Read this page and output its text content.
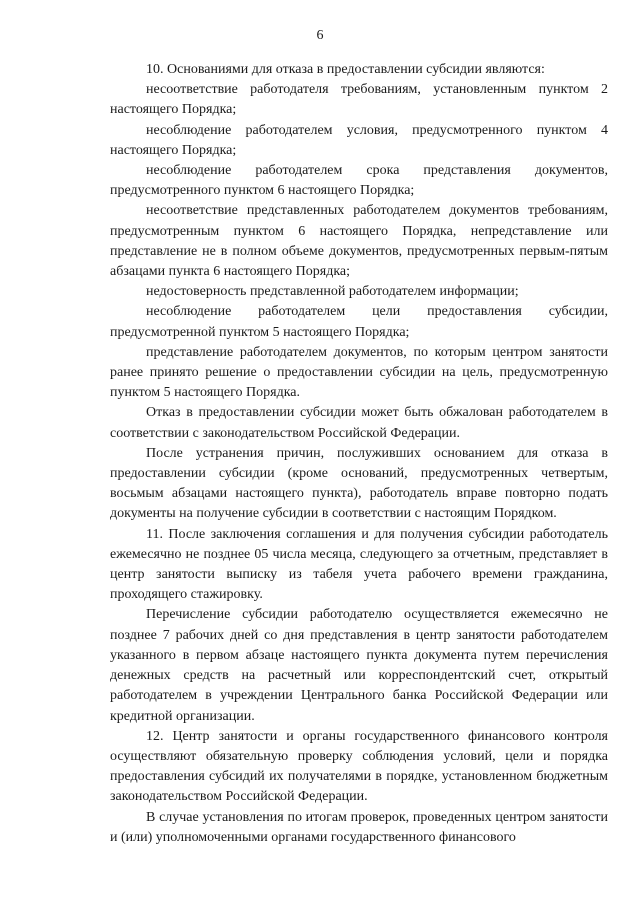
6

10. Основаниями для отказа в предоставлении субсидии являются:

несоответствие работодателя требованиям, установленным пунктом 2 настоящего Порядка;

несоблюдение работодателем условия, предусмотренного пунктом 4 настоящего Порядка;

несоблюдение работодателем срока представления документов, предусмотренного пунктом 6 настоящего Порядка;

несоответствие представленных работодателем документов требованиям, предусмотренным пунктом 6 настоящего Порядка, непредставление или представление не в полном объеме документов, предусмотренных первым-пятым абзацами пункта 6 настоящего Порядка;

недостоверность представленной работодателем информации;

несоблюдение работодателем цели предоставления субсидии, предусмотренной пунктом 5 настоящего Порядка;

представление работодателем документов, по которым центром занятости ранее принято решение о предоставлении субсидии на цель, предусмотренную пунктом 5 настоящего Порядка.

Отказ в предоставлении субсидии может быть обжалован работодателем в соответствии с законодательством Российской Федерации.

После устранения причин, послуживших основанием для отказа в предоставлении субсидии (кроме оснований, предусмотренных четвертым, восьмым абзацами настоящего пункта), работодатель вправе повторно подать документы на получение субсидии в соответствии с настоящим Порядком.

11. После заключения соглашения и для получения субсидии работодатель ежемесячно не позднее 05 числа месяца, следующего за отчетным, представляет в центр занятости выписку из табеля учета рабочего времени гражданина, проходящего стажировку.

Перечисление субсидии работодателю осуществляется ежемесячно не позднее 7 рабочих дней со дня представления в центр занятости работодателем указанного в первом абзаце настоящего пункта документа путем перечисления денежных средств на расчетный или корреспондентский счет, открытый работодателем в учреждении Центрального банка Российской Федерации или кредитной организации.

12. Центр занятости и органы государственного финансового контроля осуществляют обязательную проверку соблюдения условий, цели и порядка предоставления субсидий их получателями в порядке, установленном бюджетным законодательством Российской Федерации.

В случае установления по итогам проверок, проведенных центром занятости и (или) уполномоченными органами государственного финансового
